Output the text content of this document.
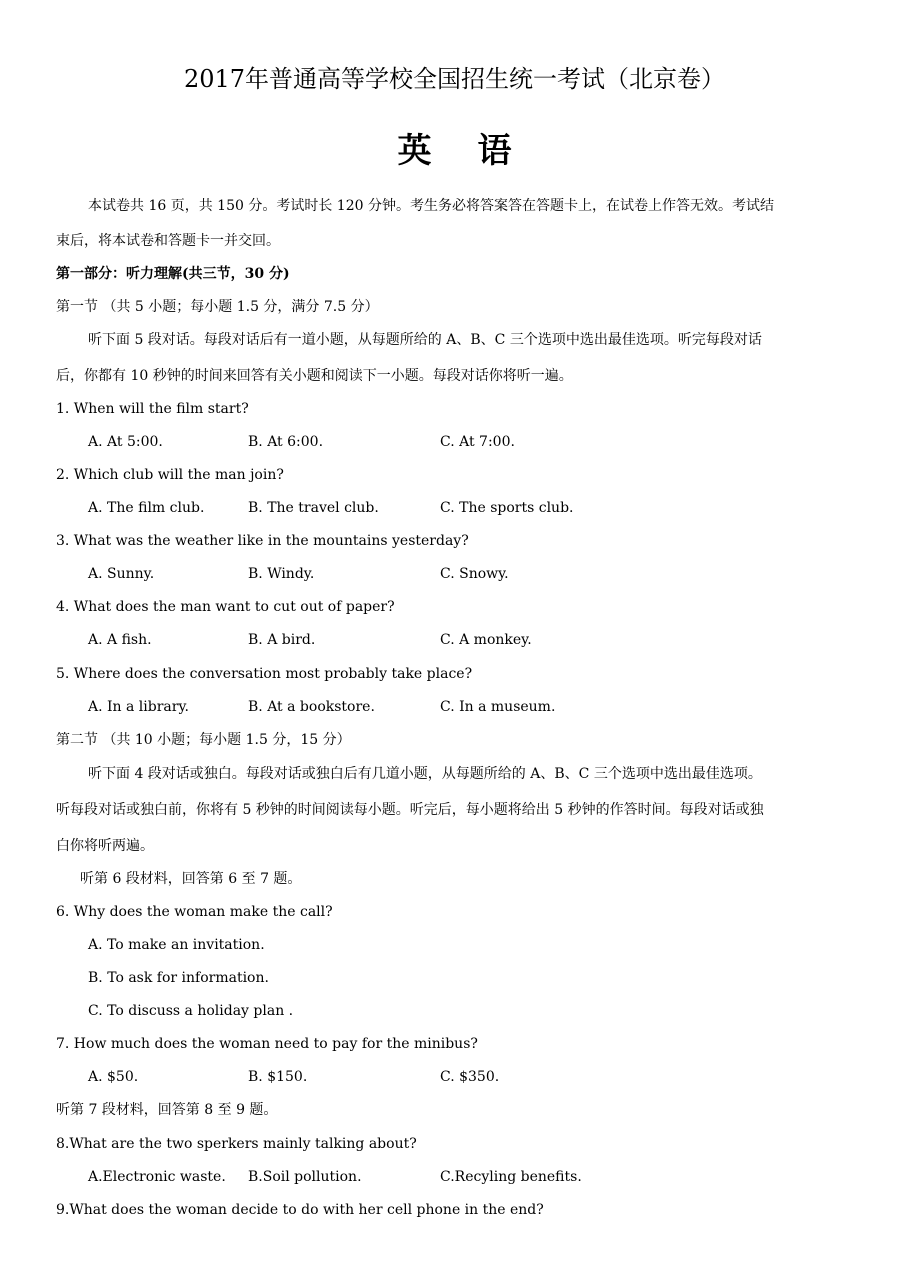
2017年普通高等学校全国招生统一考试（北京卷）
英语
本试卷共 16 页，共 150 分。考试时长 120 分钟。考生务必将答案答在答题卡上，在试卷上作答无效。考试结
束后，将本试卷和答题卡一并交回。
第一部分：听力理解(共三节，30 分)
第一节 （共 5 小题；每小题 1.5 分，满分 7.5 分）
听下面 5 段对话。每段对话后有一道小题，从每题所给的 A、B、C 三个选项中选出最佳选项。听完每段对话
后，你都有 10 秒钟的时间来回答有关小题和阅读下一小题。每段对话你将听一遍。
1. When will the film start?
A. At 5:00.	B. At 6:00.	C. At 7:00.
2. Which club will the man join?
A. The film club.	B. The travel club.	C. The sports club.
3. What was the weather like in the mountains yesterday?
A. Sunny.	B. Windy.	C. Snowy.
4. What does the man want to cut out of paper?
A. A fish.	B. A bird.	C. A monkey.
5. Where does the conversation most probably take place?
A. In a library.	B. At a bookstore.	C. In a museum.
第二节 （共 10 小题；每小题 1.5 分，15 分）
听下面 4 段对话或独白。每段对话或独白后有几道小题，从每题所给的 A、B、C 三个选项中选出最佳选项。
听每段对话或独白前，你将有 5 秒钟的时间阅读每小题。听完后，每小题将给出 5 秒钟的作答时间。每段对话或独
白你将听两遍。
听第 6 段材料，回答第 6 至 7 题。
6. Why does the woman make the call?
A. To make an invitation.
B. To ask for information.
C. To discuss a holiday plan .
7. How much does the woman need to pay for the minibus?
A. $50.	B. $150.	C. $350.
听第 7 段材料，回答第 8 至 9 题。
8.What are the two sperkers mainly talking about?
A.Electronic waste. B.Soil pollution.	C.Recyling benefits.
9.What does the woman decide to do with her cell phone in the end?
